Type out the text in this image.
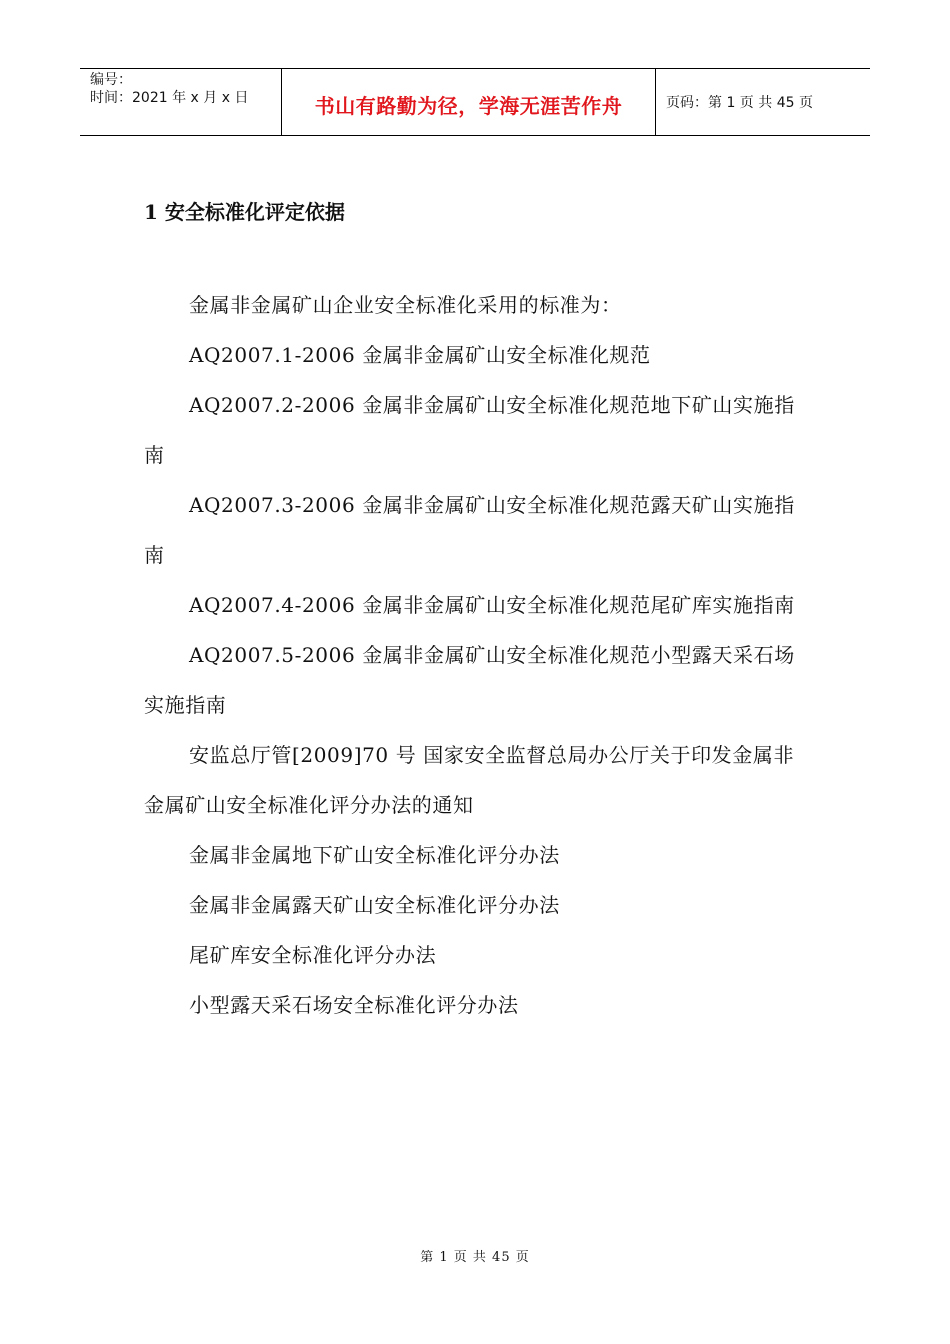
编号：
时间：2021 年 x 月 x 日	书山有路勤为径，学海无涯苦作舟	页码：第 1 页 共 45 页
1 安全标准化评定依据

金属非金属矿山企业安全标准化采用的标准为：

AQ2007.1-2006 金属非金属矿山安全标准化规范

AQ2007.2-2006 金属非金属矿山安全标准化规范地下矿山实施指南

AQ2007.3-2006 金属非金属矿山安全标准化规范露天矿山实施指南

AQ2007.4-2006 金属非金属矿山安全标准化规范尾矿库实施指南

AQ2007.5-2006 金属非金属矿山安全标准化规范小型露天采石场实施指南

安监总厅管[2009]70 号 国家安全监督总局办公厅关于印发金属非金属矿山安全标准化评分办法的通知

金属非金属地下矿山安全标准化评分办法

金属非金属露天矿山安全标准化评分办法

尾矿库安全标准化评分办法

小型露天采石场安全标准化评分办法

第 1 页 共 45 页
